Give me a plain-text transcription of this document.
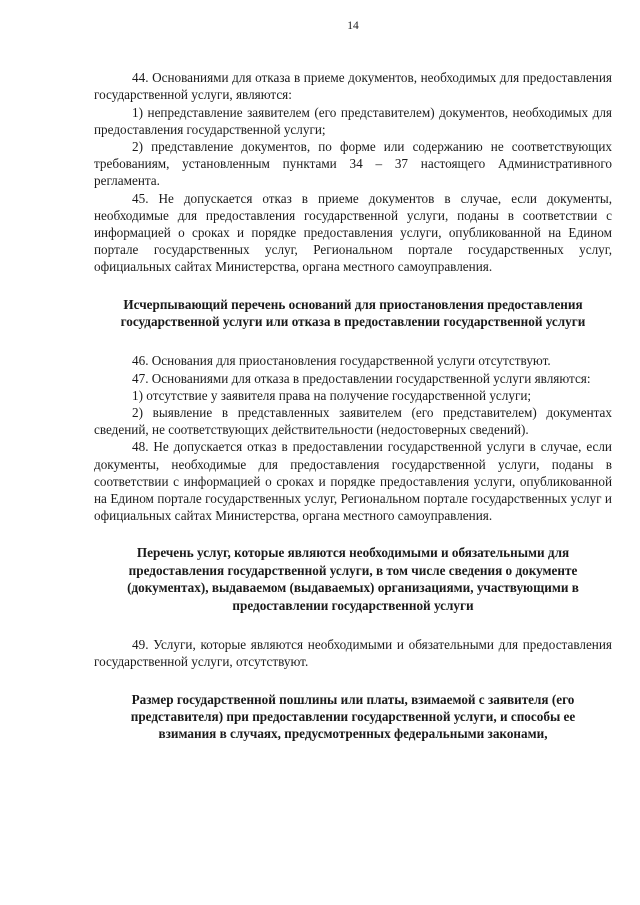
14

44. Основаниями для отказа в приеме документов, необходимых для предоставления государственной услуги, являются:

1) непредставление заявителем (его представителем) документов, необходимых для предоставления государственной услуги;

2) представление документов, по форме или содержанию не соответствующих требованиям, установленным пунктами 34 – 37 настоящего Административного регламента.

45. Не допускается отказ в приеме документов в случае, если документы, необходимые для предоставления государственной услуги, поданы в соответствии с информацией о сроках и порядке предоставления услуги, опубликованной на Едином портале государственных услуг, Региональном портале государственных услуг, официальных сайтах Министерства, органа местного самоуправления.

Исчерпывающий перечень оснований для приостановления предоставления государственной услуги или отказа в предоставлении государственной услуги

46. Основания для приостановления государственной услуги отсутствуют.

47. Основаниями для отказа в предоставлении государственной услуги являются:

1) отсутствие у заявителя права на получение государственной услуги;

2) выявление в представленных заявителем (его представителем) документах сведений, не соответствующих действительности (недостоверных сведений).

48. Не допускается отказ в предоставлении государственной услуги в случае, если документы, необходимые для предоставления государственной услуги, поданы в соответствии с информацией о сроках и порядке предоставления услуги, опубликованной на Едином портале государственных услуг, Региональном портале государственных услуг и официальных сайтах Министерства, органа местного самоуправления.

Перечень услуг, которые являются необходимыми и обязательными для предоставления государственной услуги, в том числе сведения о документе (документах), выдаваемом (выдаваемых) организациями, участвующими в предоставлении государственной услуги

49. Услуги, которые являются необходимыми и обязательными для предоставления государственной услуги, отсутствуют.

Размер государственной пошлины или платы, взимаемой с заявителя (его представителя) при предоставлении государственной услуги, и способы ее взимания в случаях, предусмотренных федеральными законами,
